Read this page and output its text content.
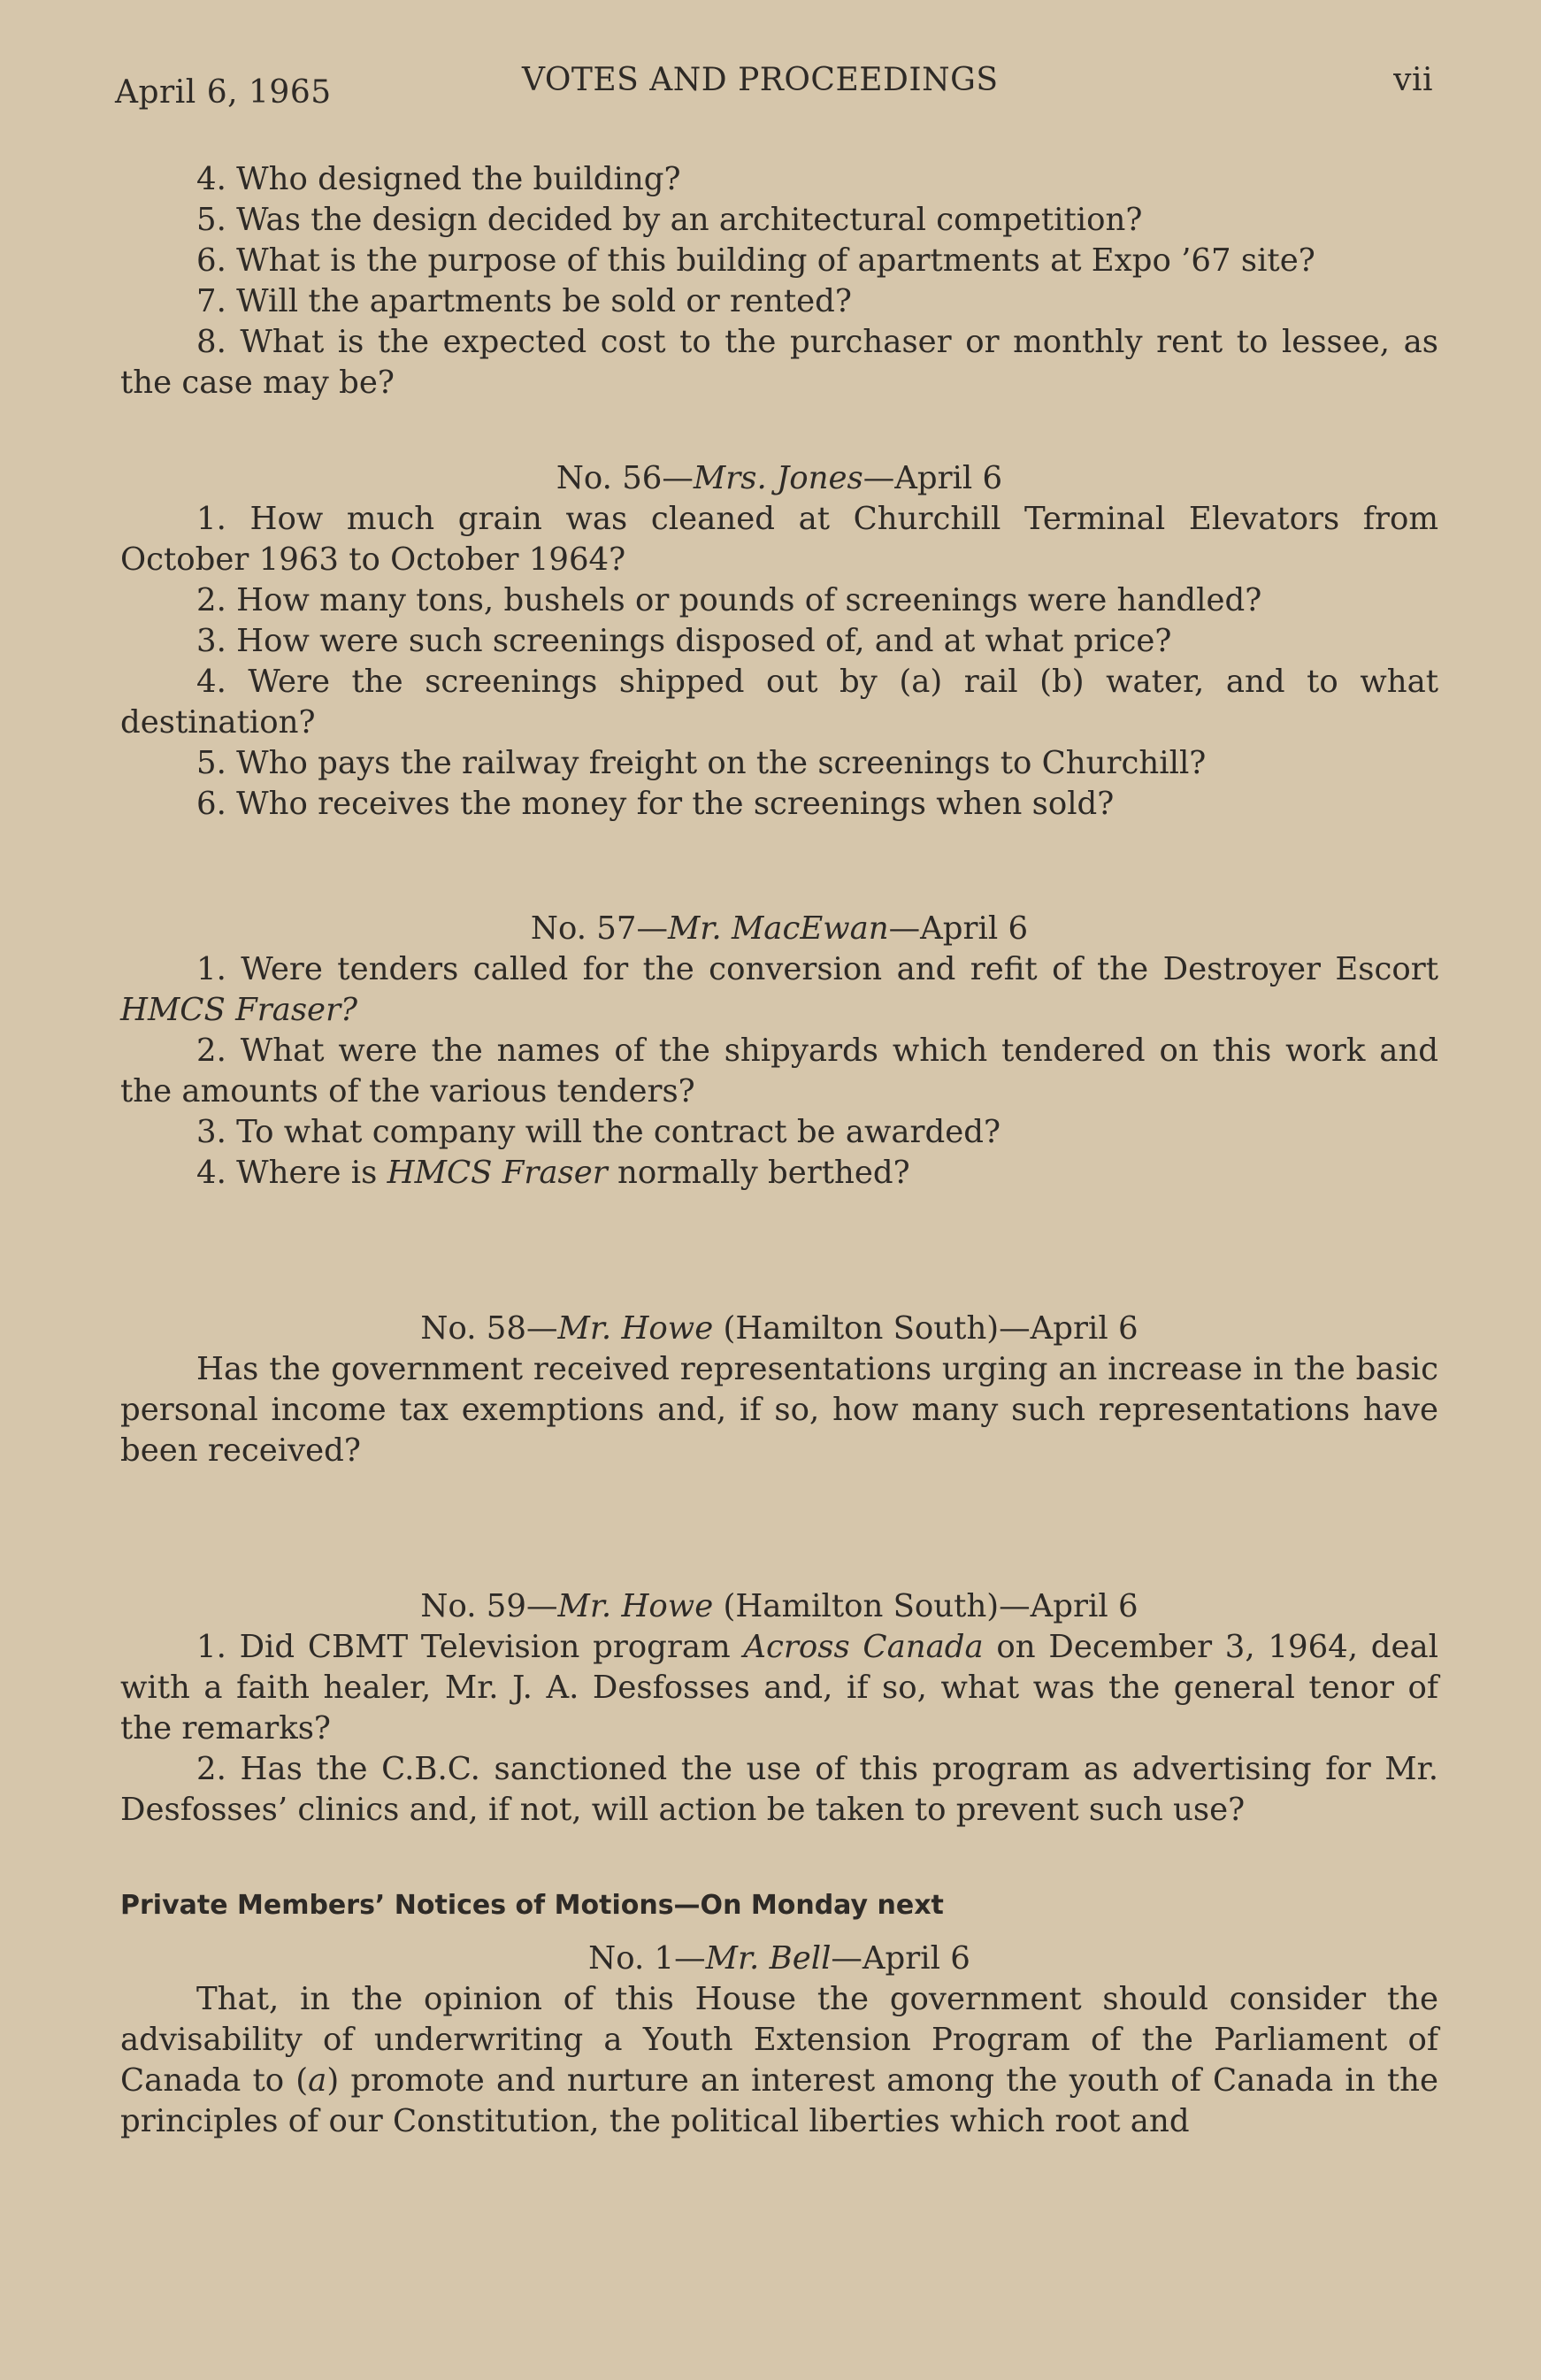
April 6, 1965	VOTES AND PROCEEDINGS	vii

4. Who designed the building?

5. Was the design decided by an architectural competition?

6. What is the purpose of this building of apartments at Expo ’67 site?

7. Will the apartments be sold or rented?

8. What is the expected cost to the purchaser or monthly rent to lessee, as the case may be?

No. 56—Mrs. Jones—April 6

1. How much grain was cleaned at Churchill Terminal Elevators from October 1963 to October 1964?

2. How many tons, bushels or pounds of screenings were handled?

3. How were such screenings disposed of, and at what price?

4. Were the screenings shipped out by (a) rail (b) water, and to what destination?

5. Who pays the railway freight on the screenings to Churchill?

6. Who receives the money for the screenings when sold?

No. 57—Mr. MacEwan—April 6

1. Were tenders called for the conversion and refit of the Destroyer Escort HMCS Fraser?

2. What were the names of the shipyards which tendered on this work and the amounts of the various tenders?

3. To what company will the contract be awarded?

4. Where is HMCS Fraser normally berthed?

No. 58—Mr. Howe (Hamilton South)—April 6

Has the government received representations urging an increase in the basic personal income tax exemptions and, if so, how many such representations have been received?

No. 59—Mr. Howe (Hamilton South)—April 6

1. Did CBMT Television program Across Canada on December 3, 1964, deal with a faith healer, Mr. J. A. Desfosses and, if so, what was the general tenor of the remarks?

2. Has the C.B.C. sanctioned the use of this program as advertising for Mr. Desfosses’ clinics and, if not, will action be taken to prevent such use?

Private Members’ Notices of Motions—On Monday next

No. 1—Mr. Bell—April 6

That, in the opinion of this House the government should consider the advisability of underwriting a Youth Extension Program of the Parliament of Canada to (a) promote and nurture an interest among the youth of Canada in the principles of our Constitution, the political liberties which root and
